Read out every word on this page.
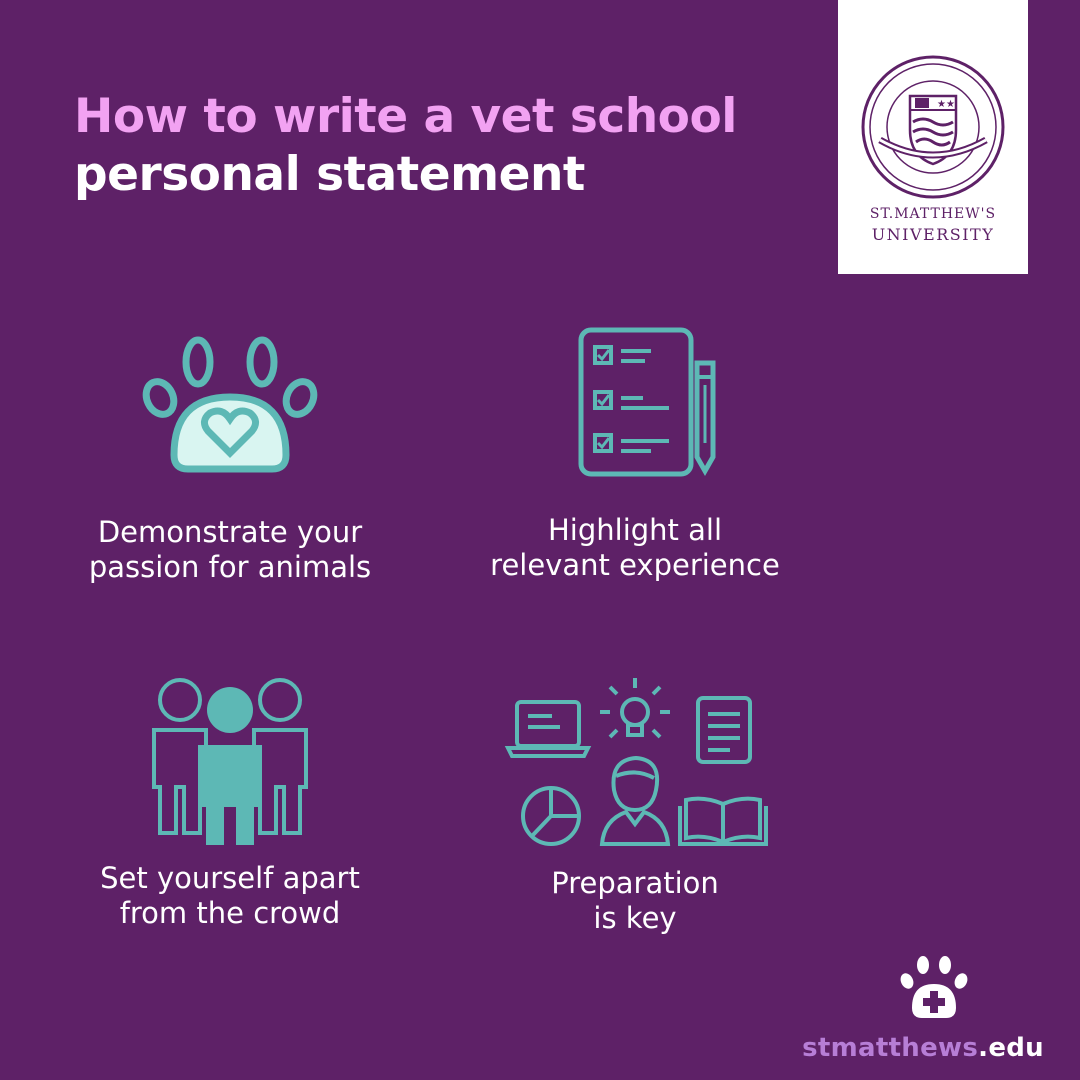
How to write a vet school
personal statement
★★
ST.MATTHEW'S
UNIVERSITY
Demonstrate your
passion for animals
Highlight all
relevant experience
Set yourself apart
from the crowd
Preparation
is key
stmatthews.edu
